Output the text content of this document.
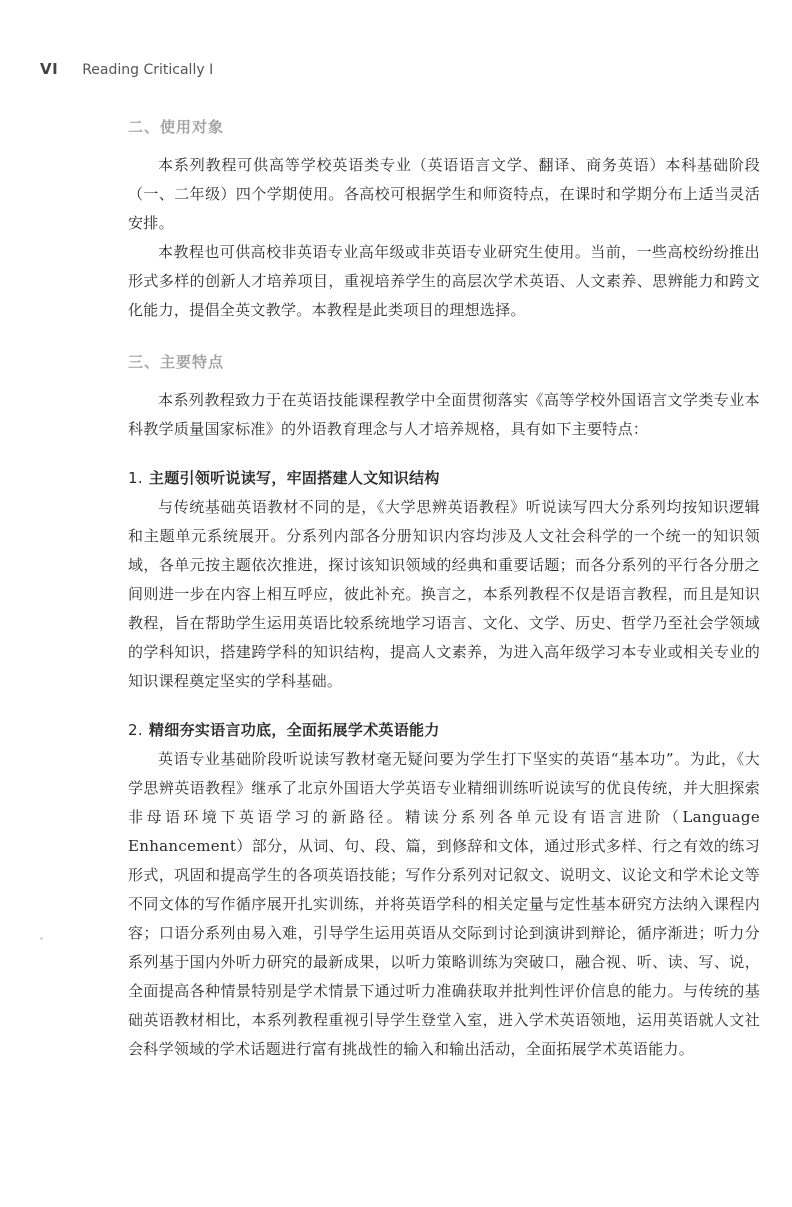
VI Reading Critically I
二、使用对象

本系列教程可供高等学校英语类专业（英语语言文学、翻译、商务英语）本科基础阶段（一、二年级）四个学期使用。各高校可根据学生和师资特点，在课时和学期分布上适当灵活安排。

本教程也可供高校非英语专业高年级或非英语专业研究生使用。当前，一些高校纷纷推出形式多样的创新人才培养项目，重视培养学生的高层次学术英语、人文素养、思辨能力和跨文化能力，提倡全英文教学。本教程是此类项目的理想选择。

三、主要特点

本系列教程致力于在英语技能课程教学中全面贯彻落实《高等学校外国语言文学类专业本科教学质量国家标准》的外语教育理念与人才培养规格，具有如下主要特点：

1. 主题引领听说读写，牢固搭建人文知识结构

与传统基础英语教材不同的是，《大学思辨英语教程》听说读写四大分系列均按知识逻辑和主题单元系统展开。分系列内部各分册知识内容均涉及人文社会科学的一个统一的知识领域，各单元按主题依次推进，探讨该知识领域的经典和重要话题；而各分系列的平行各分册之间则进一步在内容上相互呼应，彼此补充。换言之，本系列教程不仅是语言教程，而且是知识教程，旨在帮助学生运用英语比较系统地学习语言、文化、文学、历史、哲学乃至社会学领域的学科知识，搭建跨学科的知识结构，提高人文素养，为进入高年级学习本专业或相关专业的知识课程奠定坚实的学科基础。

2. 精细夯实语言功底，全面拓展学术英语能力

英语专业基础阶段听说读写教材毫无疑问要为学生打下坚实的英语“基本功”。为此，《大学思辨英语教程》继承了北京外国语大学英语专业精细训练听说读写的优良传统，并大胆探索非母语环境下英语学习的新路径。精读分系列各单元设有语言进阶（Language Enhancement）部分，从词、句、段、篇，到修辞和文体，通过形式多样、行之有效的练习形式，巩固和提高学生的各项英语技能；写作分系列对记叙文、说明文、议论文和学术论文等不同文体的写作循序展开扎实训练，并将英语学科的相关定量与定性基本研究方法纳入课程内容；口语分系列由易入难，引导学生运用英语从交际到讨论到演讲到辩论，循序渐进；听力分系列基于国内外听力研究的最新成果，以听力策略训练为突破口，融合视、听、读、写、说，全面提高各种情景特别是学术情景下通过听力准确获取并批判性评价信息的能力。与传统的基础英语教材相比，本系列教程重视引导学生登堂入室，进入学术英语领地，运用英语就人文社会科学领域的学术话题进行富有挑战性的输入和输出活动，全面拓展学术英语能力。
